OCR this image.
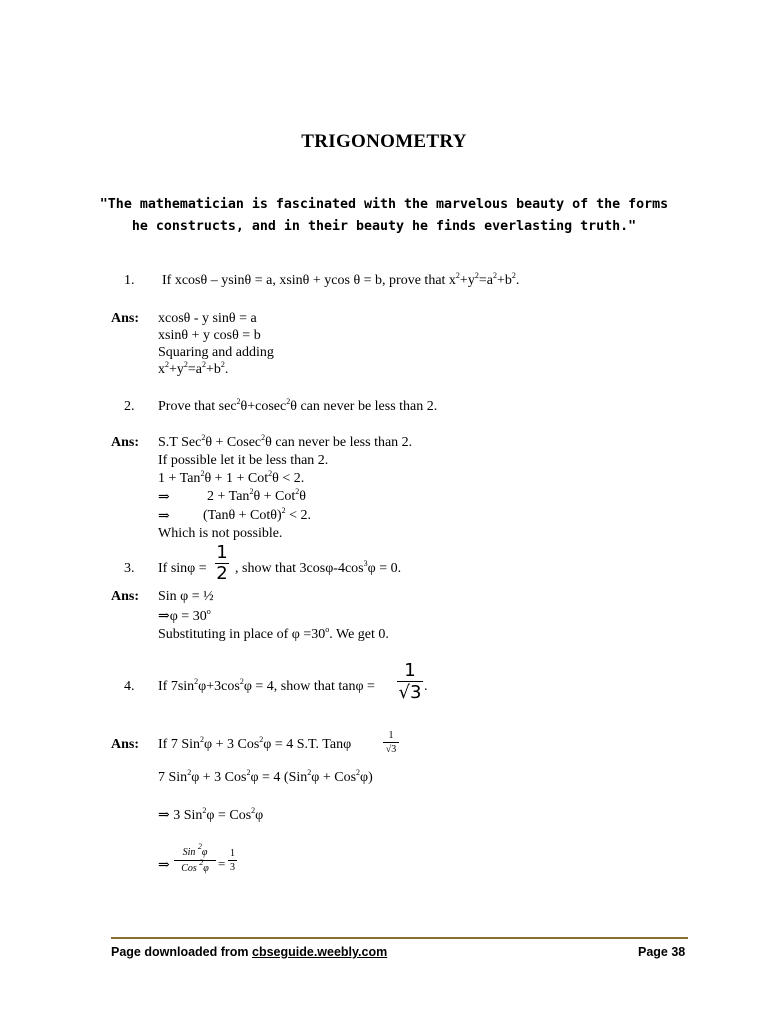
TRIGONOMETRY
"The mathematician is fascinated with the marvelous beauty of the forms
he constructs, and in their beauty he finds everlasting truth."
1. If xcosθ – ysinθ = a, xsinθ + ycos θ = b, prove that $x^2+y^2=a^2+b^2$.
Ans: xcosθ - y sinθ = a
xsinθ + y cosθ = b
Squaring and adding
$x^2+y^2=a^2+b^2$.
2. Prove that $\sec^2\theta+cosec^2\theta$ can never be less than 2.
Ans: S.T Sec$^2$θ + Cosec$^2$θ can never be less than 2.
If possible let it be less than 2.
1 + Tan$^2$θ + 1 + Cot$^2$θ < 2.
⇒	2 + Tan$^2$θ + Cot$^2$θ
⇒ $(Tan\theta + Cot\theta)^2 < 2$.
Which is not possible.
3. If $\sin\varphi = \frac{1}{2}$ , show that $3\cos\varphi-4\cos^3\varphi = 0$.
Ans: Sin φ = ½
⇒φ = $30^o$
Substituting in place of $\varphi =30^o$. We get 0.
4. If $7\sin^2\varphi+3\cos^2\varphi = 4$, show that $\tan\varphi = \frac{1}{√3}$ .
Ans: If 7 Sin$^2$φ + 3 Cos$^2$φ = 4 S.T. Tanφ	$\frac{1}{√3}$
7 Sin$^2$φ + 3 Cos$^2$φ = 4 (Sin$^2$φ + Cos$^2$φ)
⇒ 3 Sin$^2$φ = Cos$^2$φ
⇒ $\frac{Sin ^2\varphi}{Cos ^2\varphi} = \frac{1}{3}$
Page downloaded from cbseguide.weebly.com	Page 38
